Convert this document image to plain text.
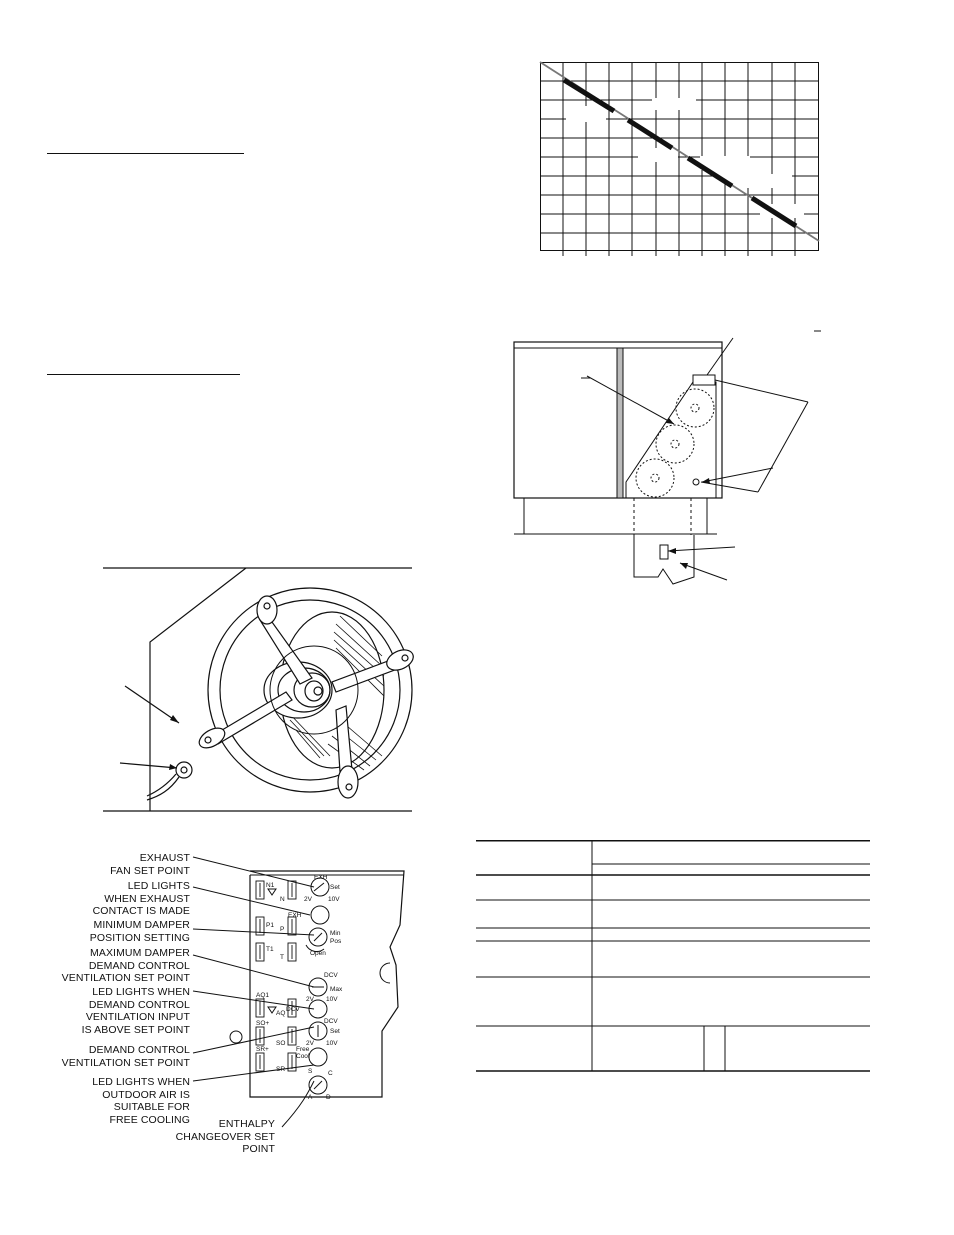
EXHAUST
FAN SET POINT
LED LIGHTS
WHEN EXHAUST
CONTACT IS MADE
MINIMUM DAMPER
POSITION SETTING
MAXIMUM DAMPER
DEMAND CONTROL
VENTILATION SET POINT
LED LIGHTS WHEN
DEMAND CONTROL
VENTILATION INPUT
IS ABOVE SET POINT
DEMAND CONTROL
VENTILATION SET POINT
LED LIGHTS WHEN
OUTDOOR AIR IS
SUITABLE FOR
FREE COOLING	ENTHALPY
CHANGEOVER SET POINT
N1
N
EXH
Set
2V 10V
EXH
P1
P
Min
Pos
Open
T1
T
DCV
Max
2V 10V
AQ1
AQ
DCV
SO+
SO
DCV
Set
2V 10V
SR+
SR
Free
Cool
S C
A D
